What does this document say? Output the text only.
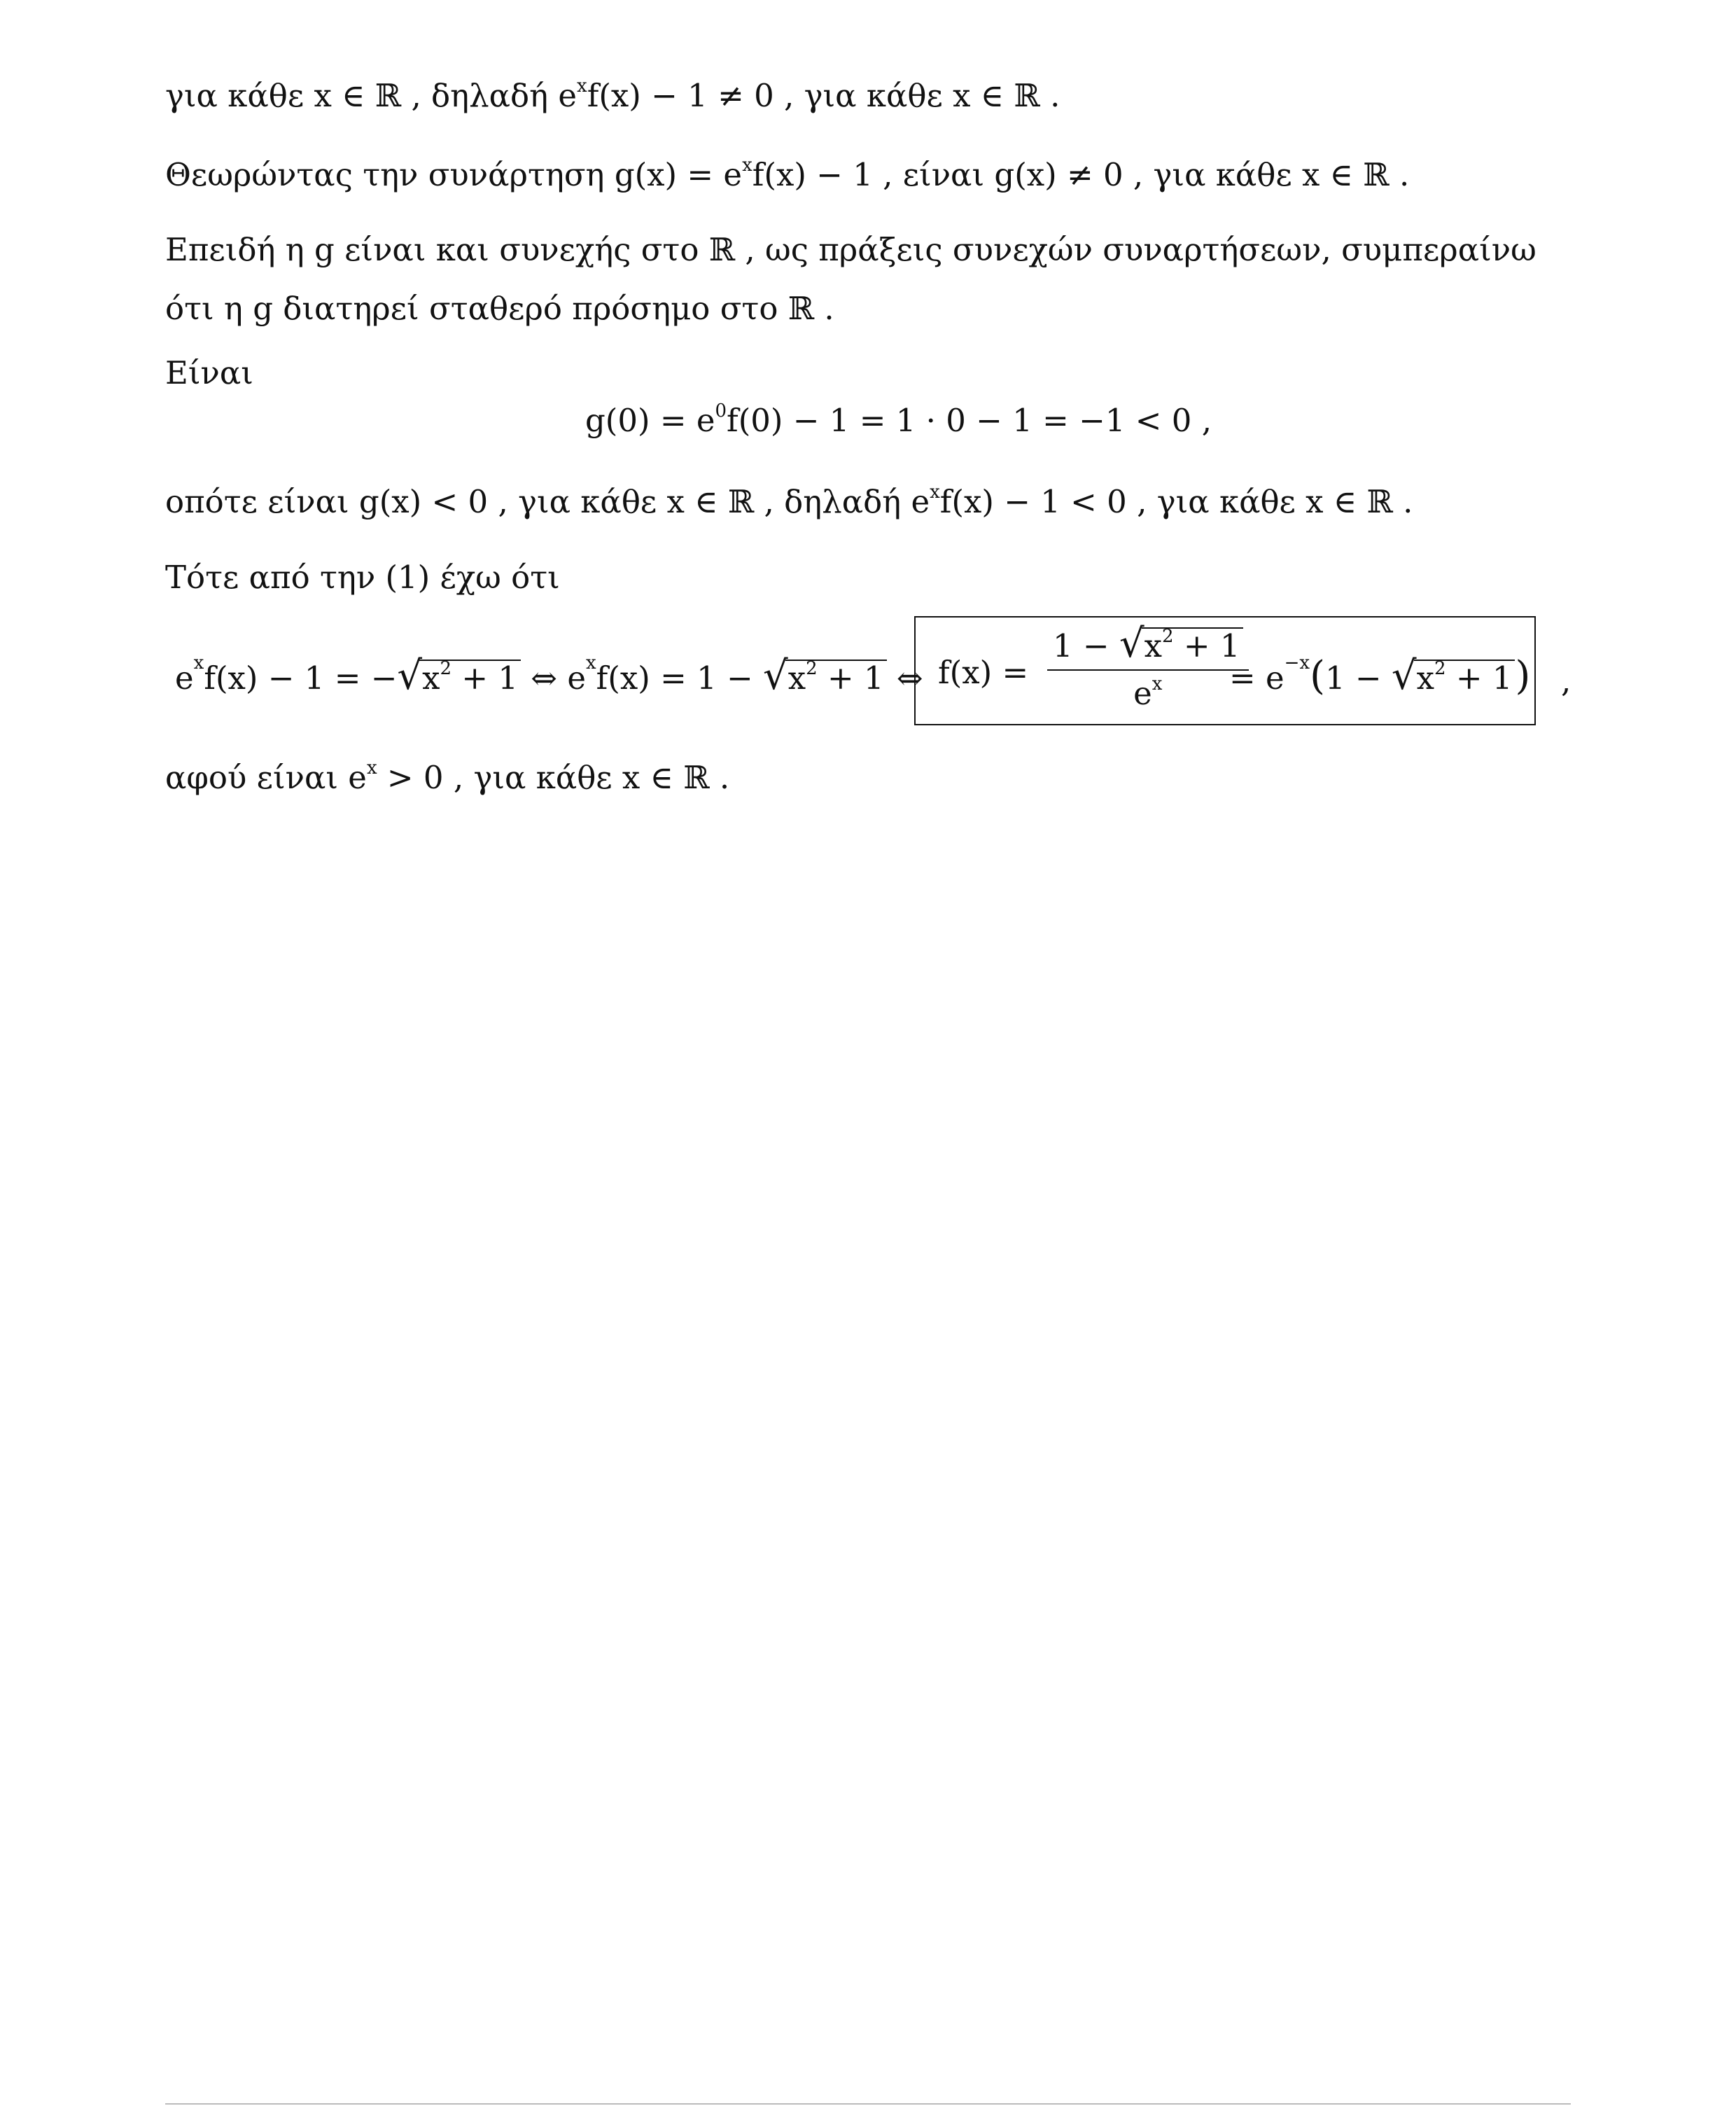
για κάθε x ∈ ℝ , δηλαδή $e^xf(x) - 1 \ne 0$ , για κάθε x ∈ ℝ .
Θεωρώντας την συνάρτηση $g(x) = e^xf(x) - 1$ , είναι g(x) ≠ 0 , για κάθε x ∈ ℝ .
Επειδή η g είναι και συνεχής στο ℝ , ως πράξεις συνεχών συναρτήσεων, συμπεραίνω
ότι η g διατηρεί σταθερό πρόσημο στο ℝ .
Είναι
$g(0) = e^0f(0) - 1 = 1 \cdot 0 - 1 = -1 < 0$ ,
οπότε είναι g(x) < 0 , για κάθε x ∈ ℝ , δηλαδή $e^xf(x) - 1 < 0$ , για κάθε x ∈ ℝ .
Τότε από την (1) έχω ότι
$e^xf(x) - 1 = -√x^2 + 1$ ⇔ $e^xf(x) = 1 - √x^2 + 1$ ⇔ $f(x) = \frac{1 - √x^2 + 1}{e^x}$
= $e^{-x}(1 - √x^2 + 1)$ ,
αφού είναι $e^x > 0$ , για κάθε x ∈ ℝ .
